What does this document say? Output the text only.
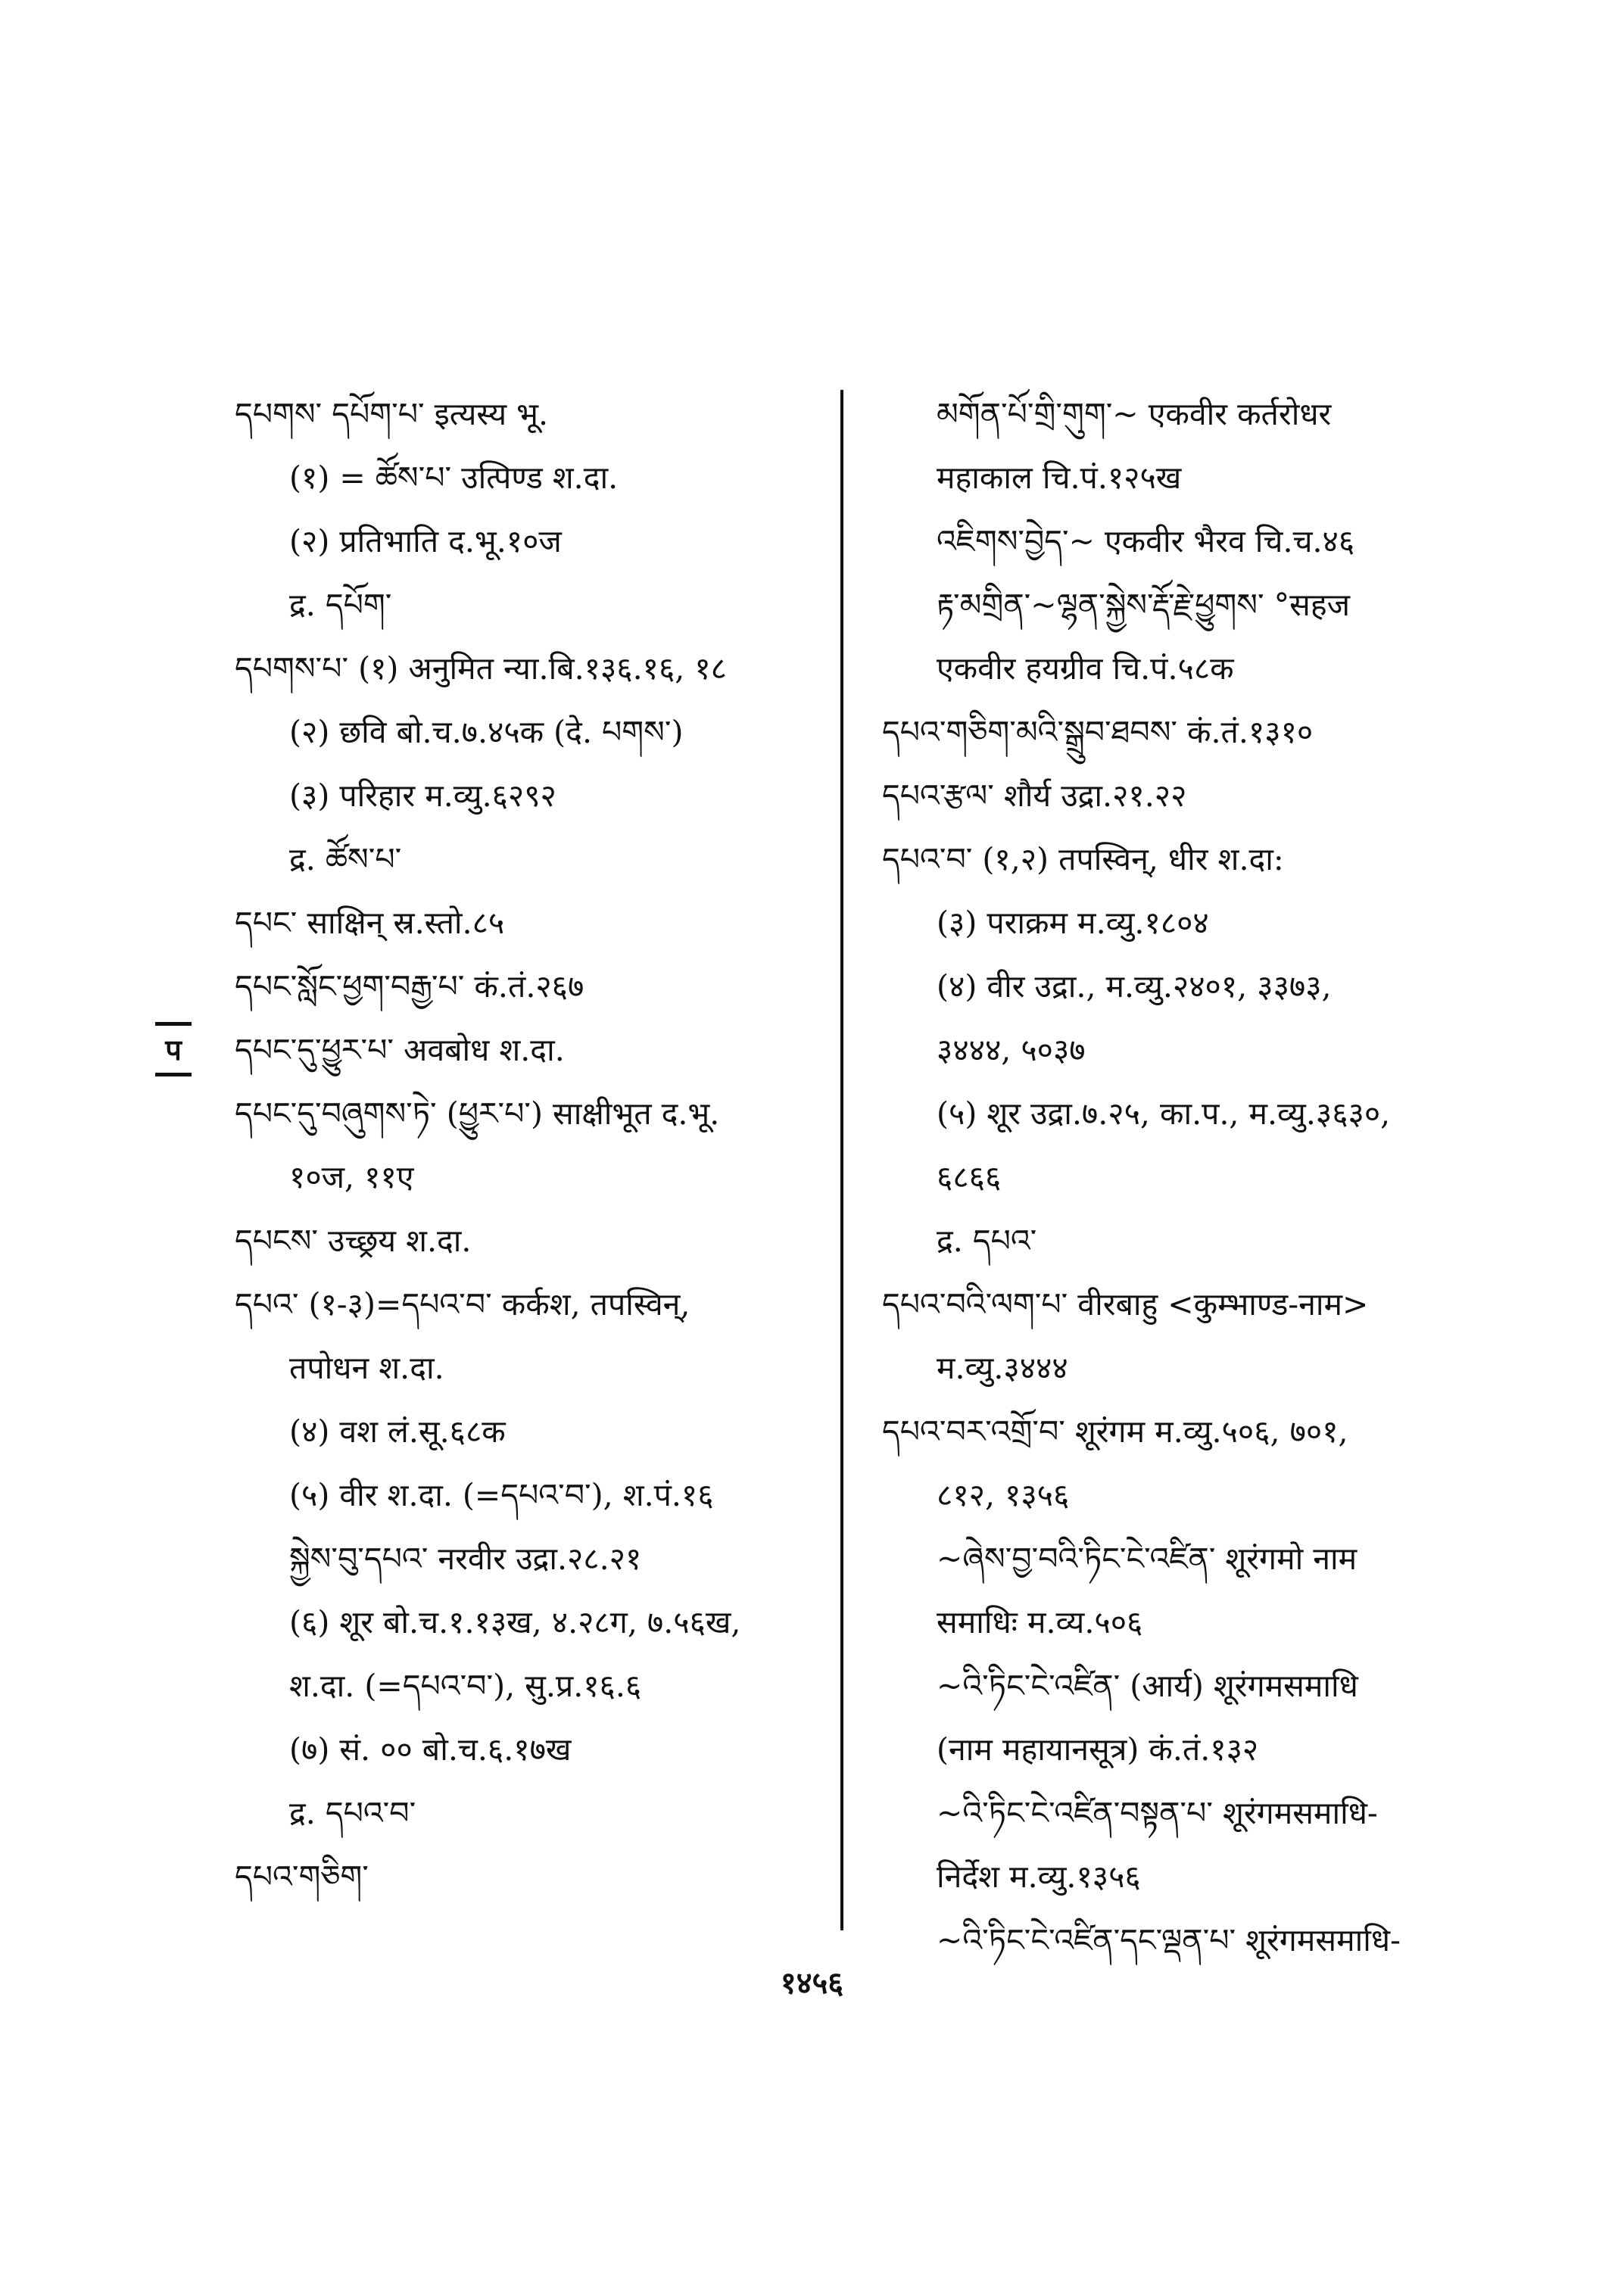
प
དཔགས་ དཔོག་པ་ इत्यस्य भू.
(१) = ཚོས་པ་ उत्पिण्ड श.दा.
(२) प्रतिभाति द.भू.१०ज
द्र. དཔོག་
དཔགས་པ་ (१) अनुमित न्या.बि.१३६.१६, १८
(२) छवि बो.च.७.४५क (दे. པགས་)
(३) परिहार म.व्यु.६२९२
द्र. ཚོས་པ་
དཔང་ साक्षिन् स्र.स्तो.८५
དཔང་སློང་ཕྱག་བརྒྱ་པ་ कं.तं.२६७
དཔང་དུ་ཕྱུར་པ་ अवबोध श.दा.
དཔང་དུ་བཞུགས་ཏེ་ (ཕྱུར་པ་) साक्षीभूत द.भू.
१०ज, ११ए
དཔངས་ उच्छ्रय श.दा.
དཔའ་ (१-३)=དཔའ་བ་ कर्कश, तपस्विन्,
तपोधन श.दा.
(४) वश लं.सू.६८क
(५) वीर श.दा. (=དཔའ་བ་), श.पं.१६
སྐྱེས་བུ་དཔའ་ नरवीर उद्रा.२८.२१
(६) शूर बो.च.१.१३ख, ४.२८ग, ७.५६ख,
श.दा. (=དཔའ་བ་), सु.प्र.१६.६
(७) सं. ०० बो.च.६.१७ख
द्र. དཔའ་བ་
དཔའ་གཅིག་
མགོན་པོ་གྲི་གུག་~ एकवीर कर्तरोधर
महाकाल चि.पं.१२५ख
འཇིགས་བྱེད་~ एकवीर भैरव चि.च.४६
རྟ་མགྲིན་~ལྷན་སྐྱེས་རྡོ་རྗེ་ཕྱུགས་ °सहज
एकवीर हयग्रीव चि.पं.५८क
དཔའ་གཅིག་མའི་སྒྲུབ་ཐབས་ कं.तं.१३१०
དཔའ་རྩལ་ शौर्य उद्रा.२१.२२
དཔའ་བ་ (१,२) तपस्विन्, धीर श.दा:
(३) पराक्रम म.व्यु.१८०४
(४) वीर उद्रा., म.व्यु.२४०१, ३३७३,
३४४४, ५०३७
(५) शूर उद्रा.७.२५, का.प., म.व्यु.३६३०,
६८६६
द्र. དཔའ་
དཔའ་བའི་ལག་པ་ वीरबाहु <कुम्भाण्ड-नाम>
म.व्यु.३४४४
དཔའ་བར་འགྲོ་བ་ शूरंगम म.व्यु.५०६, ७०१,
८१२, १३५६
~ཞེས་བྱ་བའི་ཏིང་ངེ་འཛིན་ शूरंगमो नाम
समाधिः म.व्य.५०६
~འི་ཏིང་ངེ་འཛིན་ (आर्य) शूरंगमसमाधि
(नाम महायानसूत्र) कं.तं.१३२
~འི་ཏིང་ངེ་འཛིན་བསྟན་པ་ शूरंगमसमाधि-
निर्देश म.व्यु.१३५६
~འི་ཏིང་ངེ་འཛིན་དང་ལྡན་པ་ शूरंगमसमाधि-
१४५६
